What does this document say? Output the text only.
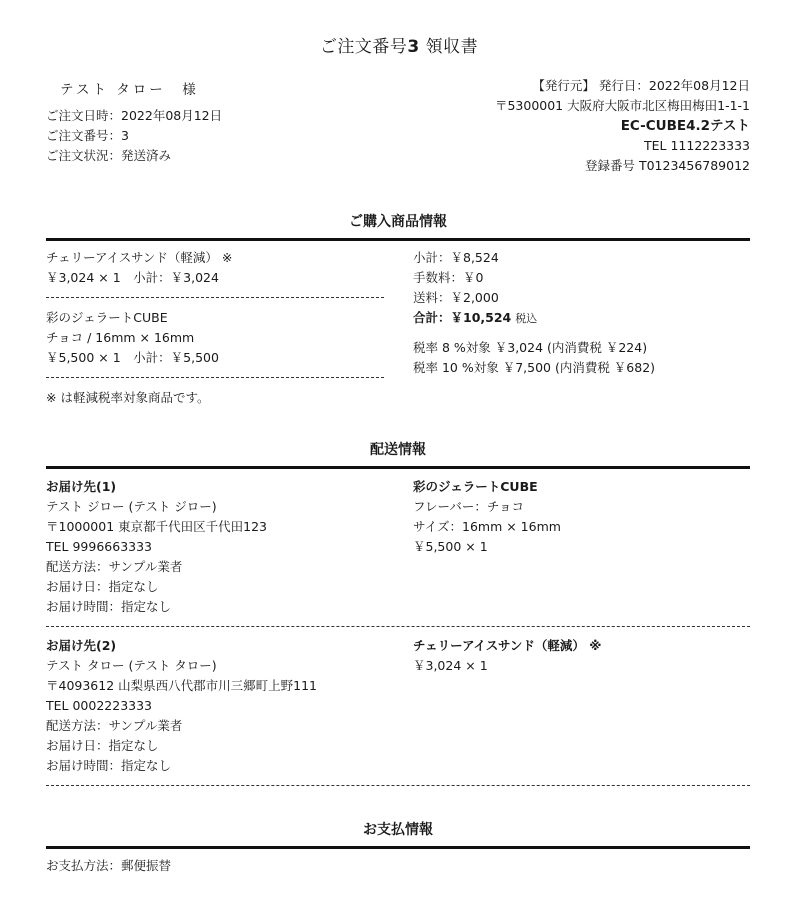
ご注文番号3 領収書
テスト タロー　様
ご注文日時：2022年08月12日
ご注文番号：3
ご注文状況：発送済み
【発行元】 発行日：2022年08月12日
〒5300001 大阪府大阪市北区梅田梅田1-1-1
EC-CUBE4.2テスト
TEL 1112223333
登録番号 T0123456789012
ご購入商品情報
チェリーアイスサンド（軽減） ※
￥3,024 × 1　小計：￥3,024
彩のジェラートCUBE
チョコ / 16mm × 16mm
￥5,500 × 1　小計：￥5,500
※ は軽減税率対象商品です。
小計：￥8,524
手数料：￥0
送料：￥2,000
合計：￥10,524 税込
税率 8 %対象 ￥3,024 (内消費税 ￥224)
税率 10 %対象 ￥7,500 (内消費税 ￥682)
配送情報
お届け先(1)
テスト ジロー (テスト ジロー)
〒1000001 東京都千代田区千代田123
TEL 9996663333
配送方法：サンプル業者
お届け日：指定なし
お届け時間：指定なし
彩のジェラートCUBE
フレーバー：チョコ
サイズ：16mm × 16mm
￥5,500 × 1
お届け先(2)
テスト タロー (テスト タロー)
〒4093612 山梨県西八代郡市川三郷町上野111
TEL 0002223333
配送方法：サンプル業者
お届け日：指定なし
お届け時間：指定なし
チェリーアイスサンド（軽減） ※
￥3,024 × 1
お支払情報
お支払方法：郵便振替
